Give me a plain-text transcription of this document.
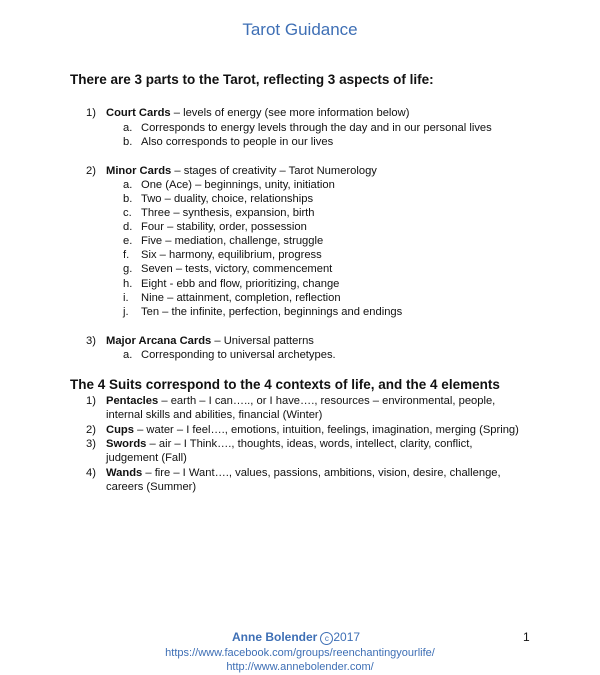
Tarot Guidance
There are 3 parts to the Tarot, reflecting 3 aspects of life:
1) Court Cards – levels of energy (see more information below)
a. Corresponds to energy levels through the day and in our personal lives
b. Also corresponds to people in our lives
2) Minor Cards – stages of creativity – Tarot Numerology
a. One (Ace) – beginnings, unity, initiation
b. Two – duality, choice, relationships
c. Three – synthesis, expansion, birth
d. Four – stability, order, possession
e. Five – mediation, challenge, struggle
f. Six – harmony, equilibrium, progress
g. Seven – tests, victory, commencement
h. Eight - ebb and flow, prioritizing, change
i. Nine – attainment, completion, reflection
j. Ten – the infinite, perfection, beginnings and endings
3) Major Arcana Cards – Universal patterns
a. Corresponding to universal archetypes.
The 4 Suits correspond to the 4 contexts of life, and the 4 elements
1) Pentacles – earth – I can….., or I have…., resources – environmental, people, internal skills and abilities, financial (Winter)
2) Cups – water – I feel…., emotions, intuition, feelings, imagination, merging (Spring)
3) Swords – air – I Think…., thoughts, ideas, words, intellect, clarity, conflict, judgement (Fall)
4) Wands – fire – I Want…., values, passions, ambitions, vision, desire, challenge, careers (Summer)
Anne Bolender c 2017	1
https://www.facebook.com/groups/reenchantingyourlife/
http://www.annebolender.com/
